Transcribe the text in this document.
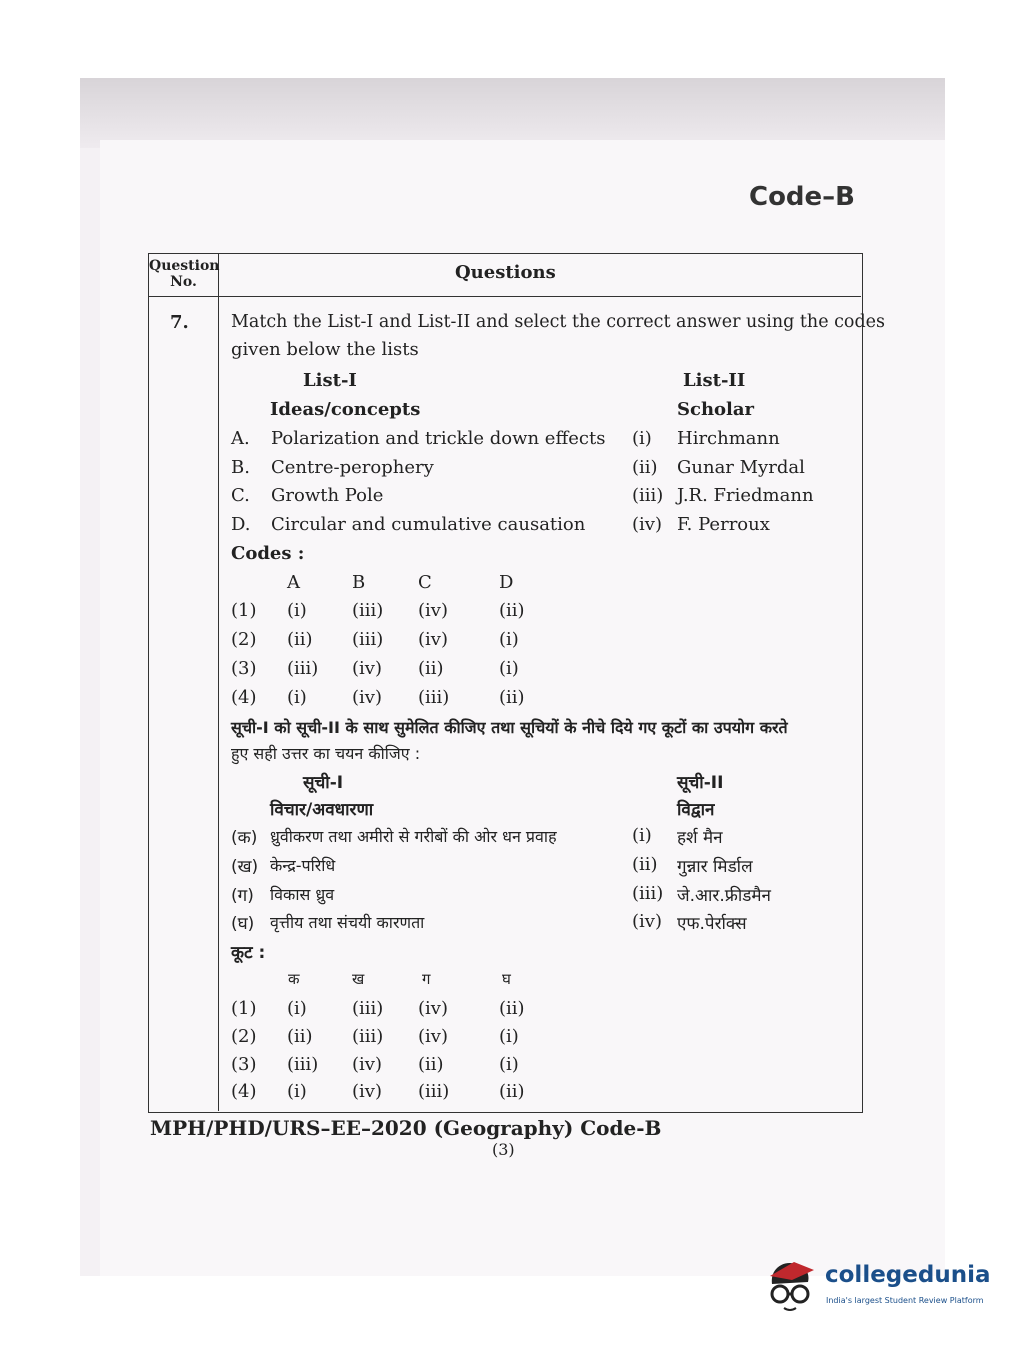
Code–B
Question
No.	Questions
7. Match the List-I and List-II and select the correct answer using the codes
given below the lists
List-I	List-II
Ideas/concepts	Scholar
A. Polarization and trickle down effects (i) Hirchmann
B. Centre-perophery	(ii) Gunar Myrdal
C. Growth Pole	(iii) J.R. Friedmann
D. Circular and cumulative causation	(iv) F. Perroux
Codes :
A	B	C	D
(1) (i)	(iii) (iv)	(ii)
(2) (ii) (iii) (iv)	(i)
(3) (iii) (iv) (ii)	(i)
(4) (i)	(iv) (iii)	(ii)
सूची-I को सूची-II के साथ सुमेलित कीजिए तथा सूचियों के नीचे दिये गए कूटों का उपयोग करते
हुए सही उत्तर का चयन कीजिए :
सूची-I	सूची-II
विचार/अवधारणा	विद्वान
(क) ध्रुवीकरण तथा अमीरो से गरीबों की ओर धन प्रवाह	(i) हर्श मैन
(ख) केन्द्र-परिधि	(ii) गुन्नार मिर्डाल
(ग) विकास ध्रुव	(iii) जे.आर.फ्रीडमैन
(घ) वृत्तीय तथा संचयी कारणता	(iv) एफ.पेर्राक्स
कूट :
क	ख	ग	घ
(1) (i)	(iii) (iv)	(ii)
(2) (ii) (iii) (iv)	(i)
(3) (iii) (iv) (ii)	(i)
(4) (i)	(iv) (iii)	(ii)
MPH/PHD/URS–EE–2020 (Geography) Code-B
(3)
collegedunia
India's largest Student Review Platform
